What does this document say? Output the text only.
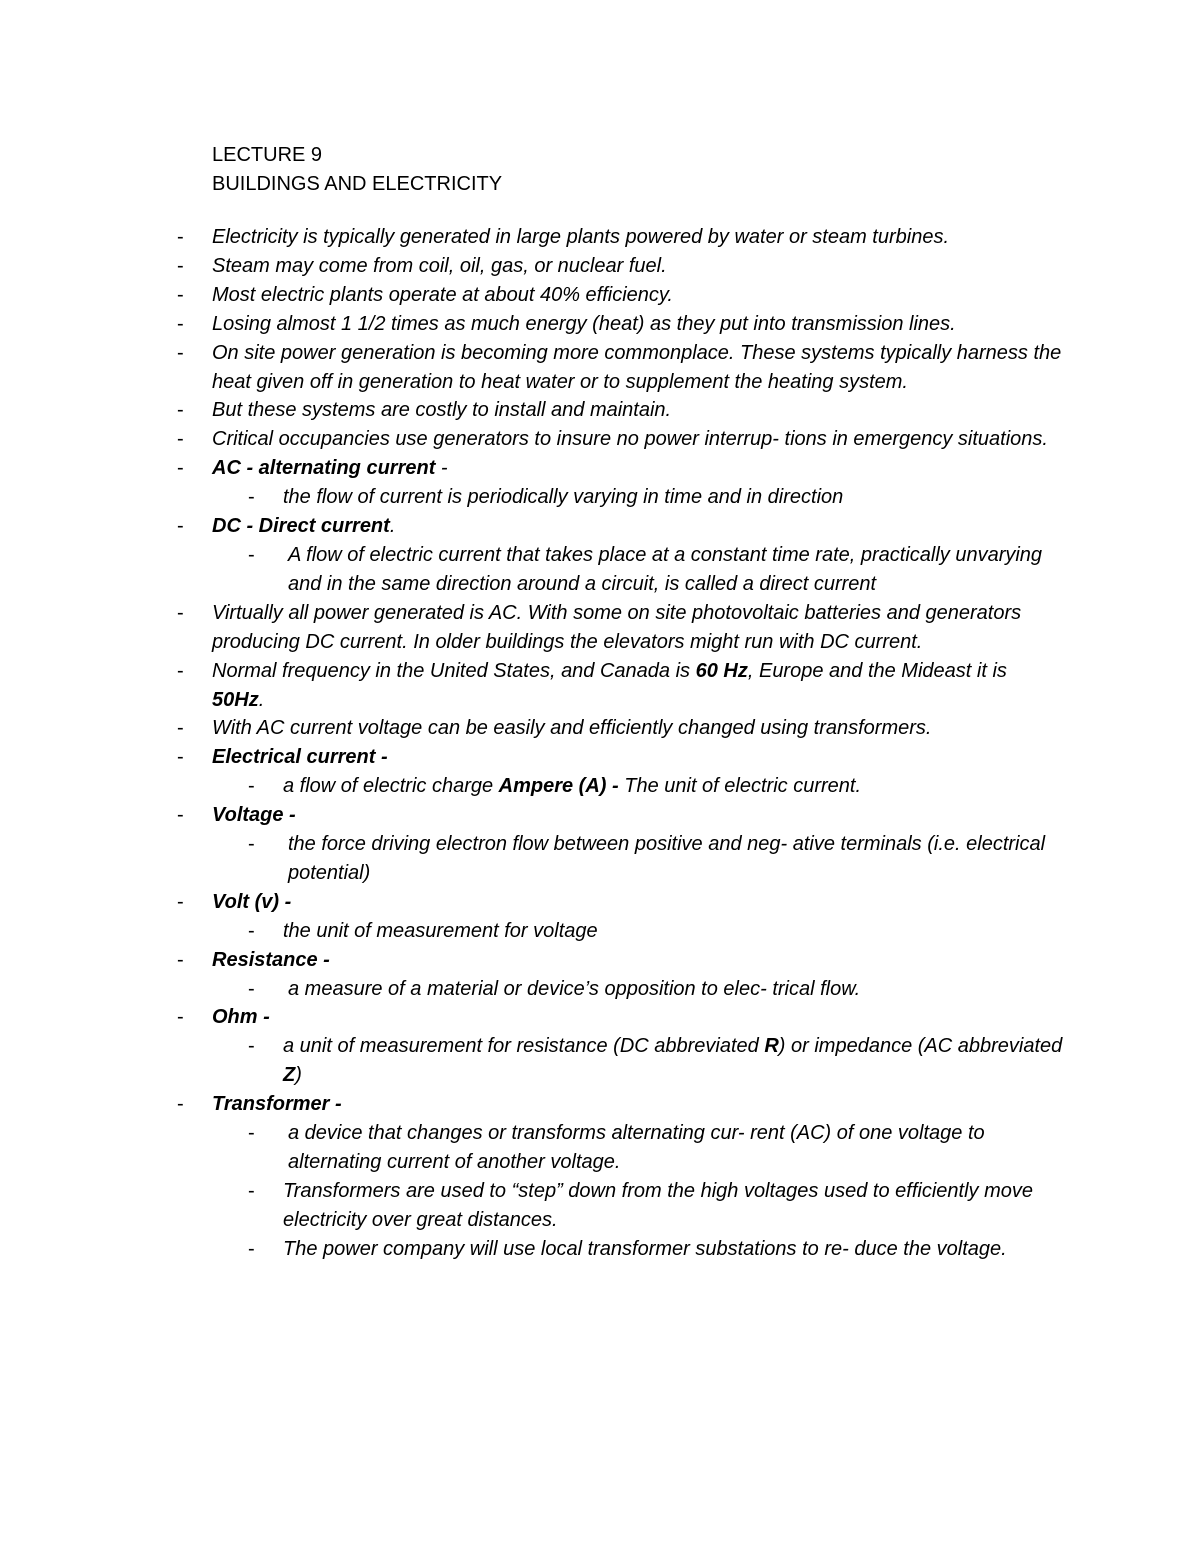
LECTURE 9
BUILDINGS AND ELECTRICITY
- Electricity is typically generated in large plants powered by water or steam turbines.
- Steam may come from coil, oil, gas, or nuclear fuel.
- Most electric plants operate at about 40% efficiency.
- Losing almost 1 1/2 times as much energy (heat) as they put into transmission lines.
- On site power generation is becoming more commonplace. These systems typically harness the heat given off in generation to heat water or to supplement the heating system.
- But these systems are costly to install and maintain.
- Critical occupancies use generators to insure no power interrup- tions in emergency situations.
- AC - alternating current -
- the flow of current is periodically varying in time and in direction
- DC - Direct current.
- A flow of electric current that takes place at a constant time rate, practically unvarying and in the same direction around a circuit, is called a direct current
- Virtually all power generated is AC. With some on site photovoltaic batteries and generators producing DC current. In older buildings the elevators might run with DC current.
- Normal frequency in the United States, and Canada is 60 Hz, Europe and the Mideast it is 50Hz.
- With AC current voltage can be easily and efficiently changed using transformers.
- Electrical current -
- a flow of electric charge Ampere (A) - The unit of electric current.
- Voltage -
- the force driving electron flow between positive and neg- ative terminals (i.e. electrical potential)
- Volt (v) -
- the unit of measurement for voltage
- Resistance -
- a measure of a material or device’s opposition to elec- trical flow.
- Ohm -
- a unit of measurement for resistance (DC abbreviated R) or impedance (AC abbreviated Z)
- Transformer -
- a device that changes or transforms alternating cur- rent (AC) of one voltage to alternating current of another voltage.
- Transformers are used to “step” down from the high voltages used to efficiently move electricity over great distances.
- The power company will use local transformer substations to re- duce the voltage.
